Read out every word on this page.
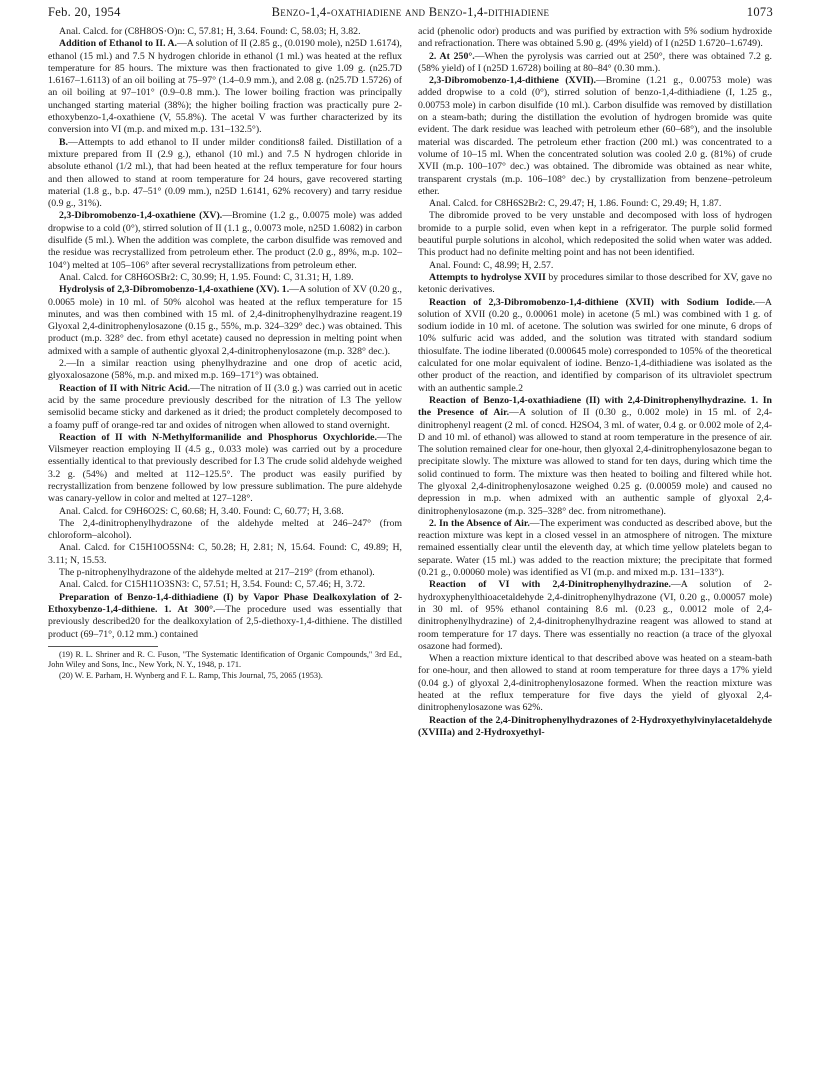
Feb. 20, 1954	Benzo-1,4-oxathiadiene and Benzo-1,4-dithiadiene	1073

Anal. Calcd. for (C8H8OS·O)n: C, 57.81; H, 3.64. Found: C, 58.03; H, 3.82.

Addition of Ethanol to II. A.—A solution of II (2.85 g., (0.0190 mole), n25D 1.6174), ethanol (15 ml.) and 7.5 N hydrogen chloride in ethanol (1 ml.) was heated at the reflux temperature for 85 hours. The mixture was then fractionated to give 1.09 g. (n25.7D 1.6167–1.6113) of an oil boiling at 75–97° (1.4–0.9 mm.), and 2.08 g. (n25.7D 1.5726) of an oil boiling at 97–101° (0.9–0.8 mm.). The lower boiling fraction was principally unchanged starting material (38%); the higher boiling fraction was practically pure 2-ethoxybenzo-1,4-oxathiene (V, 55.8%). The acetal V was further characterized by its conversion into VI (m.p. and mixed m.p. 131–132.5°).

B.—Attempts to add ethanol to II under milder conditions8 failed. Distillation of a mixture prepared from II (2.9 g.), ethanol (10 ml.) and 7.5 N hydrogen chloride in absolute ethanol (1/2 ml.), that had been heated at the reflux temperature for four hours and then allowed to stand at room temperature for 24 hours, gave recovered starting material (1.8 g., b.p. 47–51° (0.09 mm.), n25D 1.6141, 62% recovery) and tarry residue (0.9 g., 31%).

2,3-Dibromobenzo-1,4-oxathiene (XV).—Bromine (1.2 g., 0.0075 mole) was added dropwise to a cold (0°), stirred solution of II (1.1 g., 0.0073 mole, n25D 1.6082) in carbon disulfide (5 ml.). When the addition was complete, the carbon disulfide was removed and the residue was recrystallized from petroleum ether. The product (2.0 g., 89%, m.p. 102–104°) melted at 105–106° after several recrystallizations from petroleum ether.

Anal. Calcd. for C8H6OSBr2: C, 30.99; H, 1.95. Found: C, 31.31; H, 1.89.

Hydrolysis of 2,3-Dibromobenzo-1,4-oxathiene (XV). 1.—A solution of XV (0.20 g., 0.0065 mole) in 10 ml. of 50% alcohol was heated at the reflux temperature for 15 minutes, and was then combined with 15 ml. of 2,4-dinitrophenylhydrazine reagent.19 Glyoxal 2,4-dinitrophenylosazone (0.15 g., 55%, m.p. 324–329° dec.) was obtained. This product (m.p. 328° dec. from ethyl acetate) caused no depression in melting point when admixed with a sample of authentic glyoxal 2,4-dinitrophenylosazone (m.p. 328° dec.).

2.—In a similar reaction using phenylhydrazine and one drop of acetic acid, glyoxalosazone (58%, m.p. and mixed m.p. 169–171°) was obtained.

Reaction of II with Nitric Acid.—The nitration of II (3.0 g.) was carried out in acetic acid by the same procedure previously described for the nitration of I.3 The yellow semisolid became sticky and darkened as it dried; the product completely decomposed to a foamy puff of orange-red tar and oxides of nitrogen when allowed to stand overnight.

Reaction of II with N-Methylformanilide and Phosphorus Oxychloride.—The Vilsmeyer reaction employing II (4.5 g., 0.033 mole) was carried out by a procedure essentially identical to that previously described for I.3 The crude solid aldehyde weighed 3.2 g. (54%) and melted at 112–125.5°. The product was easily purified by recrystallization from benzene followed by low pressure sublimation. The pure aldehyde was canary-yellow in color and melted at 127–128°.

Anal. Calcd. for C9H6O2S: C, 60.68; H, 3.40. Found: C, 60.77; H, 3.68.

The 2,4-dinitrophenylhydrazone of the aldehyde melted at 246–247° (from chloroform–alcohol).

Anal. Calcd. for C15H10O5SN4: C, 50.28; H, 2.81; N, 15.64. Found: C, 49.89; H, 3.11; N, 15.53.

The p-nitrophenylhydrazone of the aldehyde melted at 217–219° (from ethanol).

Anal. Calcd. for C15H11O3SN3: C, 57.51; H, 3.54. Found: C, 57.46; H, 3.72.

Preparation of Benzo-1,4-dithiadiene (I) by Vapor Phase Dealkoxylation of 2-Ethoxybenzo-1,4-dithiene. 1. At 300°.—The procedure used was essentially that previously described20 for the dealkoxylation of 2,5-diethoxy-1,4-dithiene. The distilled product (69–71°, 0.12 mm.) contained

(19) R. L. Shriner and R. C. Fuson, "The Systematic Identification of Organic Compounds," 3rd Ed., John Wiley and Sons, Inc., New York, N. Y., 1948, p. 171.

(20) W. E. Parham, H. Wynberg and F. L. Ramp, This Journal, 75, 2065 (1953).

acid (phenolic odor) products and was purified by extraction with 5% sodium hydroxide and refractionation. There was obtained 5.90 g. (49% yield) of I (n25D 1.6720–1.6749).

2. At 250°.—When the pyrolysis was carried out at 250°, there was obtained 7.2 g. (58% yield) of I (n25D 1.6728) boiling at 80–84° (0.30 mm.).

2,3-Dibromobenzo-1,4-dithiene (XVII).—Bromine (1.21 g., 0.00753 mole) was added dropwise to a cold (0°), stirred solution of benzo-1,4-dithiadiene (I, 1.25 g., 0.00753 mole) in carbon disulfide (10 ml.). Carbon disulfide was removed by distillation on a steam-bath; during the distillation the evolution of hydrogen bromide was quite evident. The dark residue was leached with petroleum ether (60–68°), and the insoluble material was discarded. The petroleum ether fraction (200 ml.) was concentrated to a volume of 10–15 ml. When the concentrated solution was cooled 2.0 g. (81%) of crude XVII (m.p. 100–107° dec.) was obtained. The dibromide was obtained as near white, transparent crystals (m.p. 106–108° dec.) by crystallization from benzene–petroleum ether.

Anal. Calcd. for C8H6S2Br2: C, 29.47; H, 1.86. Found: C, 29.49; H, 1.87.

The dibromide proved to be very unstable and decomposed with loss of hydrogen bromide to a purple solid, even when kept in a refrigerator. The purple solid formed beautiful purple solutions in alcohol, which redeposited the solid when water was added. This product had no definite melting point and has not been identified.

Anal. Found: C, 48.99; H, 2.57.

Attempts to hydrolyse XVII by procedures similar to those described for XV, gave no ketonic derivatives.

Reaction of 2,3-Dibromobenzo-1,4-dithiene (XVII) with Sodium Iodide.—A solution of XVII (0.20 g., 0.00061 mole) in acetone (5 ml.) was combined with 1 g. of sodium iodide in 10 ml. of acetone. The solution was swirled for one minute, 6 drops of 10% sulfuric acid was added, and the solution was titrated with standard sodium thiosulfate. The iodine liberated (0.000645 mole) corresponded to 105% of the theoretical calculated for one molar equivalent of iodine. Benzo-1,4-dithiadiene was isolated as the other product of the reaction, and identified by comparison of its ultraviolet spectrum with an authentic sample.2

Reaction of Benzo-1,4-oxathiadiene (II) with 2,4-Dinitrophenylhydrazine. 1. In the Presence of Air.—A solution of II (0.30 g., 0.002 mole) in 15 ml. of 2,4-dinitrophenyl reagent (2 ml. of concd. H2SO4, 3 ml. of water, 0.4 g. or 0.002 mole of 2,4-D and 10 ml. of ethanol) was allowed to stand at room temperature in the presence of air. The solution remained clear for one-hour, then glyoxal 2,4-dinitrophenylosazone began to precipitate slowly. The mixture was allowed to stand for ten days, during which time the solid continued to form. The mixture was then heated to boiling and filtered while hot. The glyoxal 2,4-dinitrophenylosazone weighed 0.25 g. (0.00059 mole) and caused no depression in m.p. when admixed with an authentic sample of glyoxal 2,4-dinitrophenylosazone (m.p. 325–328° dec. from nitromethane).

2. In the Absence of Air.—The experiment was conducted as described above, but the reaction mixture was kept in a closed vessel in an atmosphere of nitrogen. The mixture remained essentially clear until the eleventh day, at which time yellow platelets began to separate. Water (15 ml.) was added to the reaction mixture; the precipitate that formed (0.21 g., 0.00060 mole) was identified as VI (m.p. and mixed m.p. 131–133°).

Reaction of VI with 2,4-Dinitrophenylhydrazine.—A solution of 2-hydroxyphenylthioacetaldehyde 2,4-dinitrophenylhydrazone (VI, 0.20 g., 0.00057 mole) in 30 ml. of 95% ethanol containing 8.6 ml. (0.23 g., 0.0012 mole of 2,4-dinitrophenylhydrazine) of 2,4-dinitrophenylhydrazine reagent was allowed to stand at room temperature for 17 days. There was essentially no reaction (a trace of the glyoxal osazone had formed).

When a reaction mixture identical to that described above was heated on a steam-bath for one-hour, and then allowed to stand at room temperature for three days a 17% yield (0.04 g.) of glyoxal 2,4-dinitrophenylosazone formed. When the reaction mixture was heated at the reflux temperature for five days the yield of glyoxal 2,4-dinitrophenylosazone was 62%.

Reaction of the 2,4-Dinitrophenylhydrazones of 2-Hydroxyethylvinylacetaldehyde (XVIIIa) and 2-Hydroxyethyl-
